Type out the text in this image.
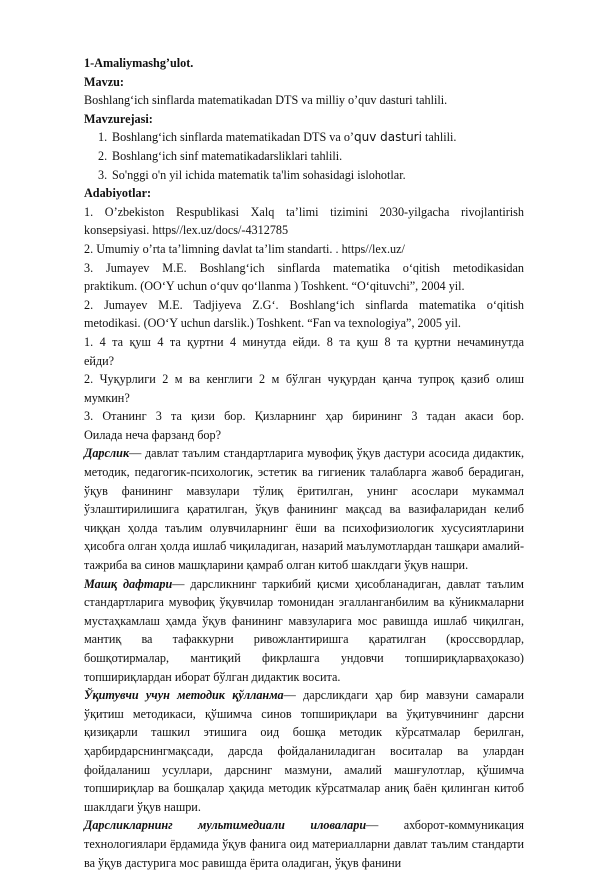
1-Amaliymashg’ulot.

Mavzu:

Boshlang‘ich sinflarda matematikadan DTS va milliy o’quv dasturi tahlili.

Mavzurejasi:

1. Boshlang‘ich sinflarda matematikadan DTS va o’quv dasturi tahlili.
2. Boshlang‘ich sinf matematikadarsliklari tahlili.
3. So'nggi o'n yil ichida matematik ta'lim sohasidagi islohotlar.

Adabiyotlar:

1. O’zbekiston Respublikasi Xalq ta’limi tizimini 2030-yilgacha rivojlantirish

konsepsiyasi. https//lex.uz/docs/-4312785

2. Umumiy o’rta ta’limning davlat ta’lim standarti. . https//lex.uz/

3. Jumayev M.E. Boshlang‘ich sinflarda matematika o‘qitish metodikasidan

praktikum. (OO‘Y uchun o‘quv qo‘llanma ) Toshkent. “O‘qituvchi”, 2004 yil.

2. Jumayev M.E. Tadjiyeva Z.G‘. Boshlang‘ich sinflarda matematika o‘qitish

metodikasi. (OO‘Y uchun darslik.) Toshkent. “Fan va texnologiya”, 2005 yil.

1. 4 та қуш 4 та қуртни 4 минутда ейди. 8 та қуш 8 та қуртни нечаминутда

ейди?

2. Чуқурлиги 2 м ва кенглиги 2 м бўлган чуқурдан қанча тупроқ қазиб олиш

мумкин?

3. Отанинг 3 та қизи бор. Қизларнинг ҳар бирининг 3 тадан акаси бор.

Оилада неча фарзанд бор?

Дарслик— давлат таълим стандартларига мувофиқ ўқув дастури асосида дидактик, методик, педагогик-психологик, эстетик ва гигиеник талабларга жавоб берадиган, ўқув фанининг мавзулари тўлиқ ёритилган, унинг асослари мукаммал ўзлаштирилишига қаратилган, ўқув фанининг мақсад ва вазифаларидан келиб чиққан ҳолда таълим олувчиларнинг ёши ва психофизиологик хусусиятларини ҳисобга олган ҳолда ишлаб чиқиладиган, назарий маълумотлардан ташқари амалий-тажриба ва синов машқларини қамраб олган китоб шаклдаги ўқув нашри.

Машқ дафтари— дарсликнинг таркибий қисми ҳисобланадиган, давлат таълим стандартларига мувофиқ ўқувчилар томонидан эгалланганбилим ва кўникмаларни мустаҳкамлаш ҳамда ўқув фанининг мавзуларига мос равишда ишлаб чиқилган, мантиқ ва тафаккурни ривожлантиришга қаратилган (кроссвордлар, бошқотирмалар, мантиқий фикрлашга ундовчи топшириқларваҳоказо) топшириқлардан иборат бўлган дидактик восита.

Ўқитувчи учун методик қўлланма— дарсликдаги ҳар бир мавзуни самарали ўқитиш методикаси, қўшимча синов топшириқлари ва ўқитувчининг дарсни қизиқарли ташкил этишига оид бошқа методик кўрсатмалар берилган, ҳарбирдарснингмақсади, дарсда фойдаланиладиган воситалар ва улардан фойдаланиш усуллари, дарснинг мазмуни, амалий машғулотлар, қўшимча топшириқлар ва бошқалар ҳақида методик кўрсатмалар аниқ баён қилинган китоб шаклдаги ўқув нашри.

Дарсликларнинг мультимедиали иловалари— ахборот-коммуникация технологиялари ёрдамида ўқув фанига оид материалларни давлат таълим стандарти ва ўқув дастурига мос равишда ёрита оладиган, ўқув фанини
